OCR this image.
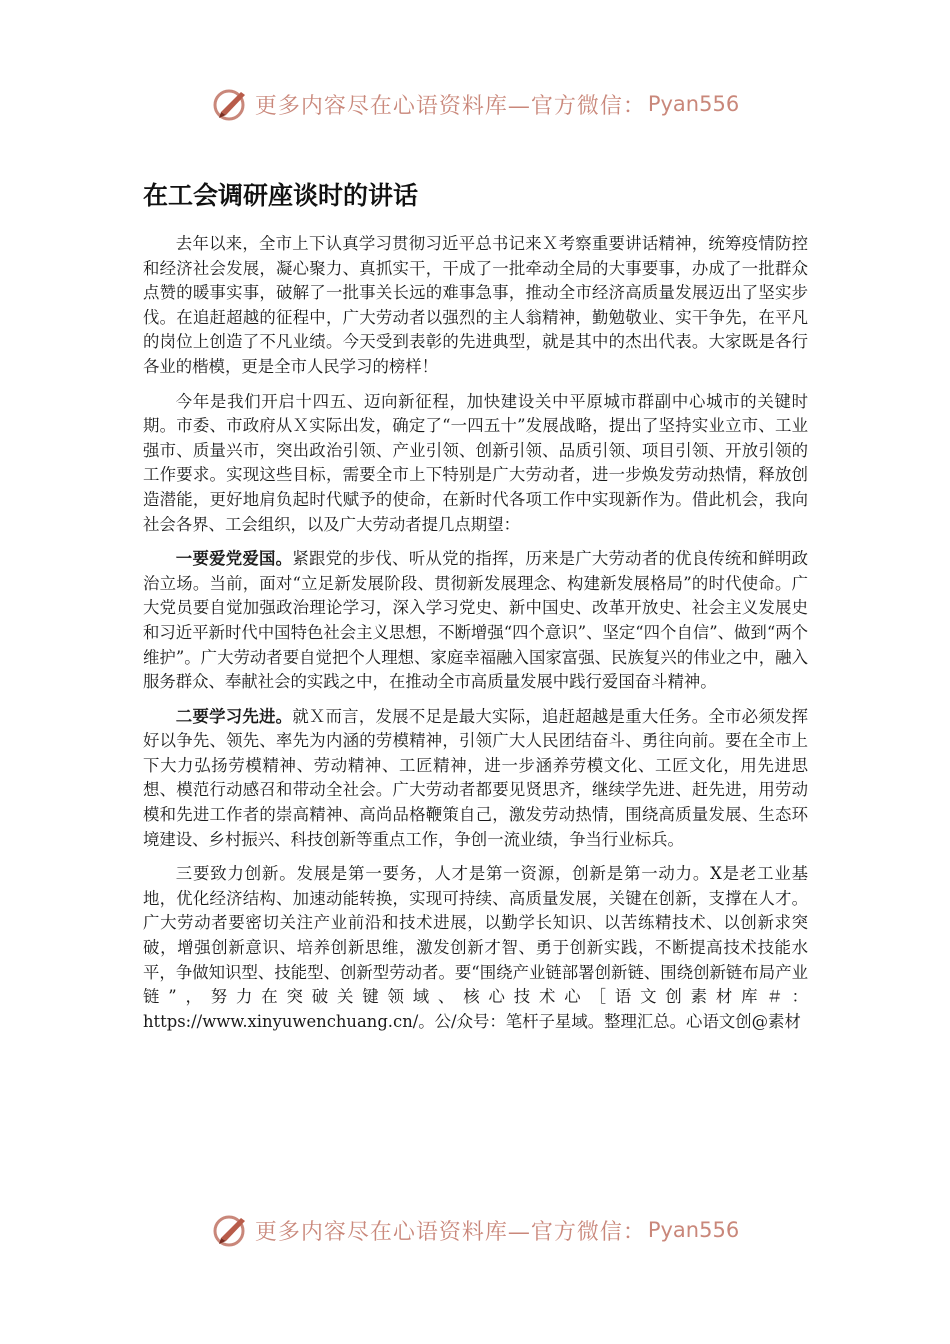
更多内容尽在心语资料库—官方微信： Pyan556
在工会调研座谈时的讲话

去年以来，全市上下认真学习贯彻习近平总书记来Ｘ考察重要讲话精神，统筹疫情防控和经济社会发展，凝心聚力、真抓实干，干成了一批牵动全局的大事要事，办成了一批群众点赞的暖事实事，破解了一批事关长远的难事急事，推动全市经济高质量发展迈出了坚实步伐。在追赶超越的征程中，广大劳动者以强烈的主人翁精神，勤勉敬业、实干争先，在平凡的岗位上创造了不凡业绩。今天受到表彰的先进典型，就是其中的杰出代表。大家既是各行各业的楷模，更是全市人民学习的榜样！

今年是我们开启十四五、迈向新征程，加快建设关中平原城市群副中心城市的关键时期。市委、市政府从Ｘ实际出发，确定了“一四五十”发展战略，提出了坚持实业立市、工业强市、质量兴市，突出政治引领、产业引领、创新引领、品质引领、项目引领、开放引领的工作要求。实现这些目标，需要全市上下特别是广大劳动者，进一步焕发劳动热情，释放创造潜能，更好地肩负起时代赋予的使命，在新时代各项工作中实现新作为。借此机会，我向社会各界、工会组织，以及广大劳动者提几点期望：

一要爱党爱国。紧跟党的步伐、听从党的指挥，历来是广大劳动者的优良传统和鲜明政治立场。当前，面对“立足新发展阶段、贯彻新发展理念、构建新发展格局”的时代使命。广大党员要自觉加强政治理论学习，深入学习党史、新中国史、改革开放史、社会主义发展史和习近平新时代中国特色社会主义思想，不断增强“四个意识”、坚定“四个自信”、做到“两个维护”。广大劳动者要自觉把个人理想、家庭幸福融入国家富强、民族复兴的伟业之中，融入服务群众、奉献社会的实践之中，在推动全市高质量发展中践行爱国奋斗精神。

二要学习先进。就Ｘ而言，发展不足是最大实际，追赶超越是重大任务。全市必须发挥好以争先、领先、率先为内涵的劳模精神，引领广大人民团结奋斗、勇往向前。要在全市上下大力弘扬劳模精神、劳动精神、工匠精神，进一步涵养劳模文化、工匠文化，用先进思想、模范行动感召和带动全社会。广大劳动者都要见贤思齐，继续学先进、赶先进，用劳动模和先进工作者的崇高精神、高尚品格鞭策自己，激发劳动热情，围绕高质量发展、生态环境建设、乡村振兴、科技创新等重点工作，争创一流业绩，争当行业标兵。

三要致力创新。发展是第一要务，人才是第一资源，创新是第一动力。X是老工业基地，优化经济结构、加速动能转换，实现可持续、高质量发展，关键在创新，支撑在人才。广大劳动者要密切关注产业前沿和技术进展，以勤学长知识、以苦练精技术、以创新求突破，增强创新意识、培养创新思维，激发创新才智、勇于创新实践，不断提高技术技能水平，争做知识型、技能型、创新型劳动者。要“围绕产业链部署创新链、围绕创新链布局产业链”，努力在突破关键领域、核心技术心［语文创素材库＃：https://www.xinyuwenchuang.cn/。公/众号：笔杆子星域。整理汇总。心语文创@素材

更多内容尽在心语资料库—官方微信： Pyan556
